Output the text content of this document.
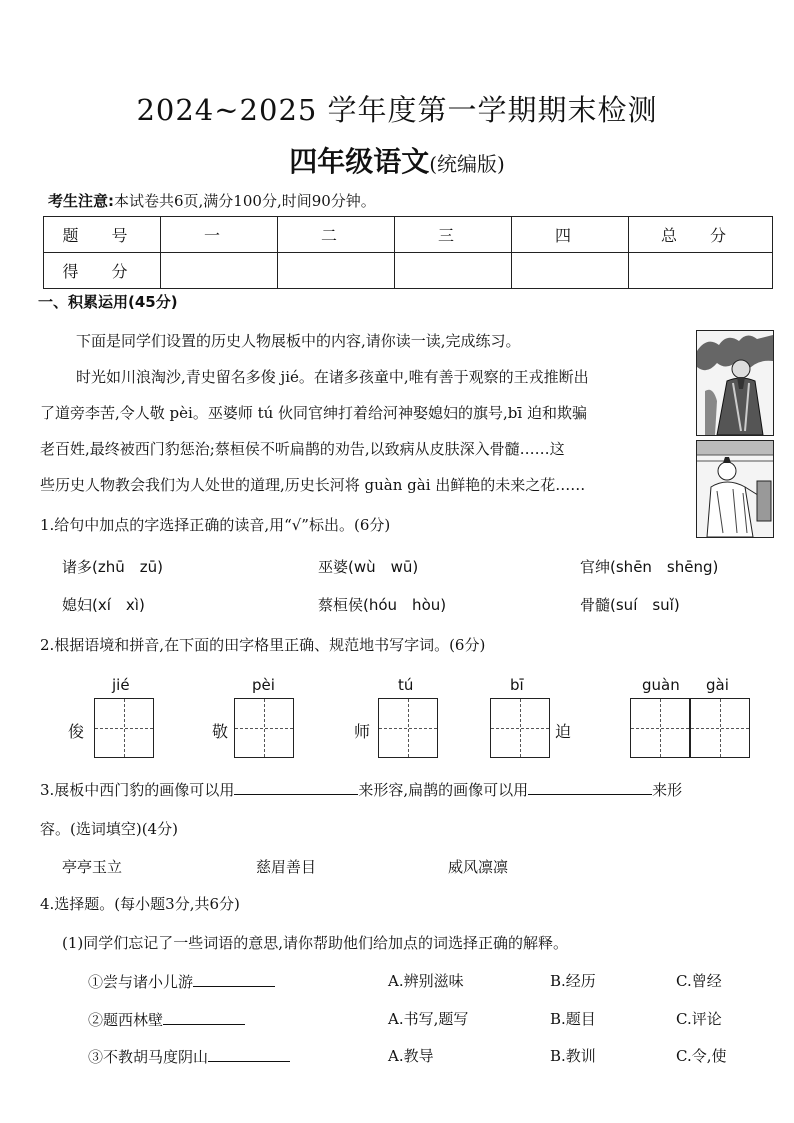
2024~2025 学年度第一学期期末检测
四年级语文(统编版)
考生注意:本试卷共6页,满分100分,时间90分钟。
题 号	一	二	三	四	总 分
得 分					
一、积累运用(45分)

下面是同学们设置的历史人物展板中的内容,请你读一读,完成练习。

时光如川浪淘沙,青史留名多俊 jié。在诸多孩童中,唯有善于观察的王戎推断出

了道旁李苦,令人敬 pèi。巫婆师 tú 伙同官绅打着给河神娶媳妇的旗号,bī 迫和欺骗

老百姓,最终被西门豹惩治;蔡桓侯不听扁鹊的劝告,以致病从皮肤深入骨髓……这

些历史人物教会我们为人处世的道理,历史长河将 guàn gài 出鲜艳的未来之花……

1.给句中加点的字选择正确的读音,用“√”标出。(6分)
诸多(zhū　zū)	巫婆(wù　wū)	官绅(shēn　shēng)
媳妇(xí　xì)	蔡桓侯(hóu　hòu)	骨髓(suí　suǐ)
2.根据语境和拼音,在下面的田字格里正确、规范地书写字词。(6分)
jié	pèi	tú	bī	guàn gài
俊	敬	师	迫
3.展板中西门豹的画像可以用	来形容,扁鹊的画像可以用	来形
容。(选词填空)(4分)
亭亭玉立	慈眉善目	威风凛凛
4.选择题。(每小题3分,共6分)
(1)同学们忘记了一些词语的意思,请你帮助他们给加点的词选择正确的解释。
①尝与诸小儿游	A.辨别滋味	B.经历	C.曾经
②题西林壁	A.书写,题写	B.题目	C.评论
③不教胡马度阴山	A.教导	B.教训	C.令,使
